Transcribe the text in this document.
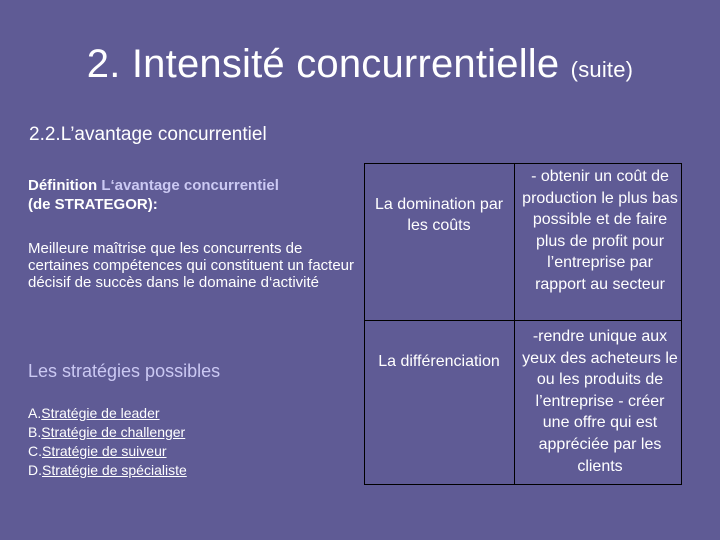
2. Intensité concurrentielle (suite)
2.2.L’avantage concurrentiel
Définition L‘avantage concurrentiel
(de STRATEGOR):
Meilleure maîtrise que les concurrents de certaines compétences qui constituent un facteur décisif de succès dans le domaine d‘activité
Les stratégies possibles
A.Stratégie de leader
B.Stratégie de challenger
C.Stratégie de suiveur
D.Stratégie de spécialiste
La domination par les coûts
- obtenir un coût de production le plus bas possible et de faire plus de profit pour l’entreprise par rapport au secteur
La différenciation
-rendre unique aux yeux des acheteurs le ou les produits de l’entreprise - créer une offre qui est appréciée par les clients
